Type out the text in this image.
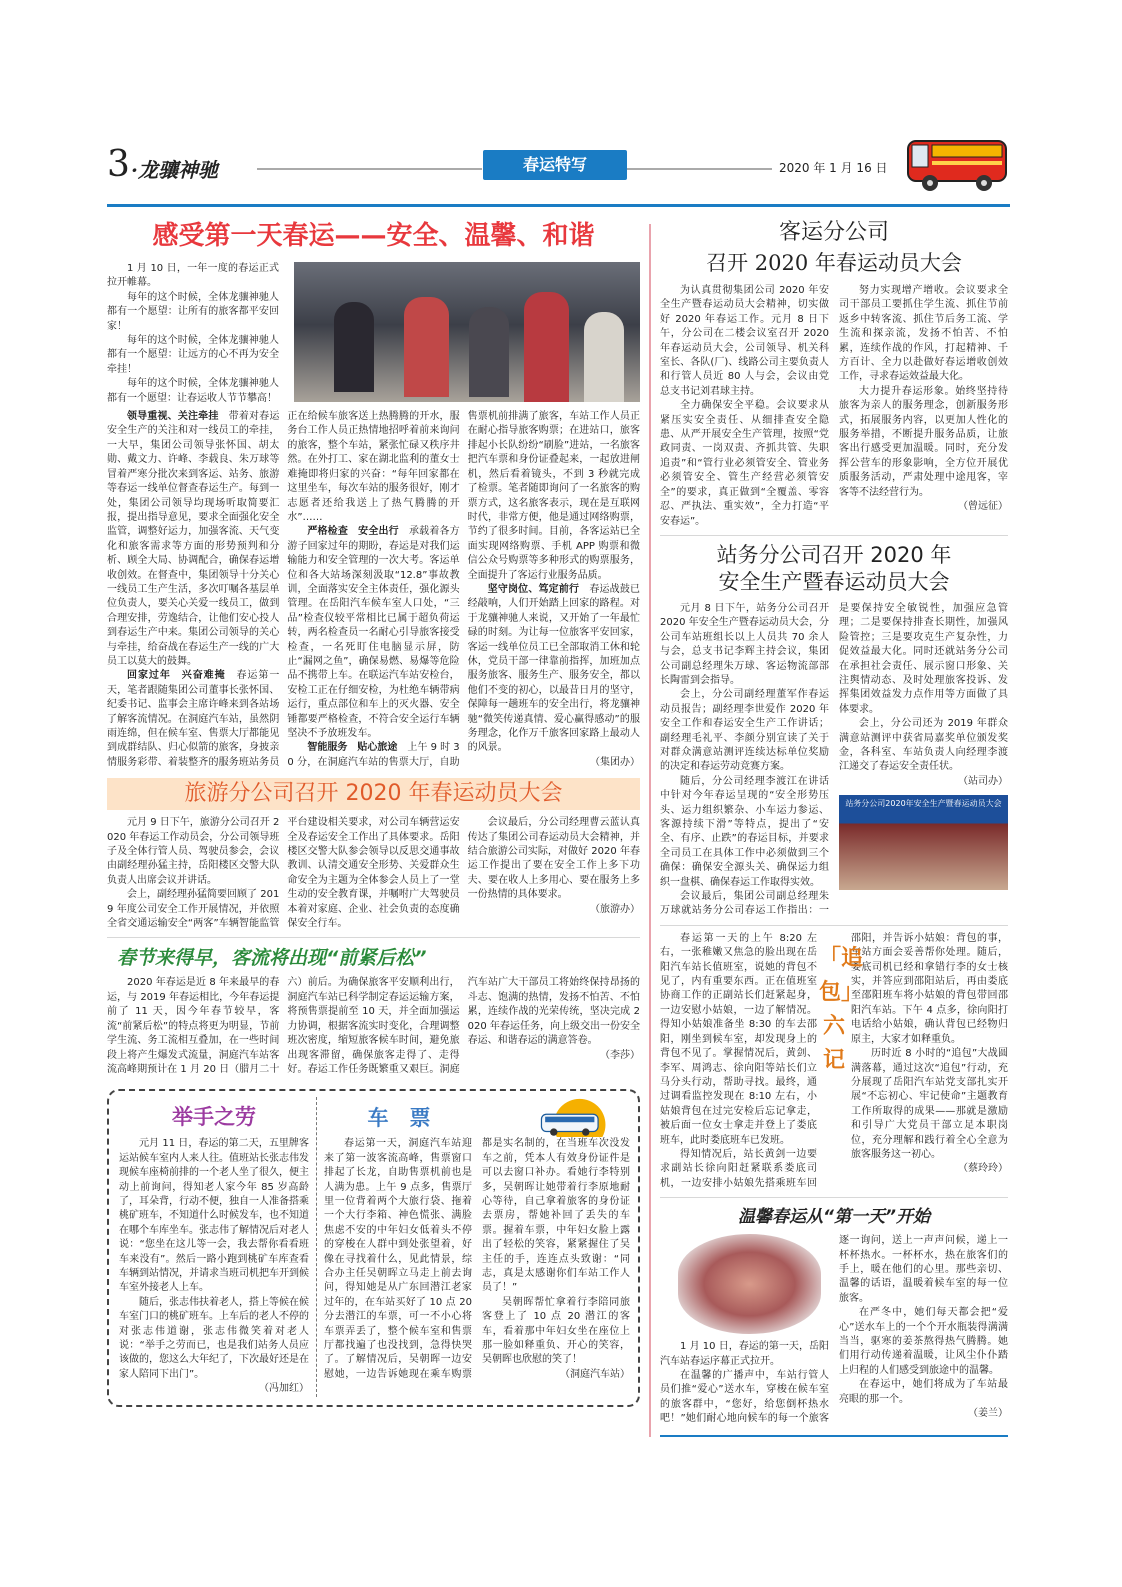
3 ·龙骧神驰	春运特写	2020 年 1 月 16 日
感受第一天春运——安全、温馨、和谐

1 月 10 日，一年一度的春运正式拉开帷幕。

每年的这个时候，全体龙骧神驰人都有一个愿望：让所有的旅客都平安回家！

每年的这个时候，全体龙骧神驰人都有一个愿望：让远方的心不再为安全牵挂！

每年的这个时候，全体龙骧神驰人都有一个愿望：让春运收人节节攀高！

领导重视、关注牵挂　带着对春运安全生产的关注和对一线员工的牵挂，一大早，集团公司领导张怀国、胡太勋、戴文力、许峰、李载良、朱万球等冒着严寒分批次来到客运、站务、旅游等春运一线单位督查春运生产。每到一处，集团公司领导均现场听取简要汇报，提出指导意见，要求全面强化安全监管，调整好运力，加强客流、天气变化和旅客需求等方面的形势预判和分析、顾全大局、协调配合，确保春运增收创效。在督查中，集团领导十分关心一线员工生产生活，多次叮嘱各基层单位负责人，要关心关爱一线员工，做到合理安排，劳逸结合，让他们安心投人到春运生产中来。集团公司领导的关心与牵挂，给奋战在春运生产一线的广大员工以莫大的鼓舞。

回家过年　兴奋难掩　春运第一天，笔者跟随集团公司董事长张怀国、纪委书记、监事会主席许峰来到各站场了解客流情况。在洞庭汽车站，虽然阴雨连绵，但在候车室、售票大厅都能见到成群结队、归心似箭的旅客，身披亲情服务彩带、着装整齐的服务班站务员正在给候车旅客送上热腾腾的开水，服务台工作人员正热情地招呼着前来询问的旅客，整个车站，紧张忙碌又秩序井然。在外打工、家在湖北监利的董女士难掩即将归家的兴奋：“每年回家都在这里坐车，每次车站的服务很好，刚才志愿者还给我送上了热气腾腾的开水”……

严格检查　安全出行　承载着各方游子回家过年的期盼，春运是对我们运输能力和安全管理的一次大考。客运单位和各大站场深刻汲取“12.8”事故教训，全面落实安全主体责任，强化源头管理。在岳阳汽车候车室人口处，“三品”检查仪较平常相比已属于超负荷运转，两名检查员一名耐心引导旅客接受检查，一名死盯住电脑显示屏，防止“漏网之鱼”，确保易燃、易爆等危险品不携带上车。在联运汽车站安检台，安检工正在仔细安检，为杜绝车辆带病运行，重点部位和车上的灭火器、安全锤都要严格检查，不符合安全运行车辆坚决不予放班发车。

智能服务　贴心旅途　上午 9 时 30 分，在洞庭汽车站的售票大厅，自助售票机前排满了旅客，车站工作人员正在耐心指导旅客购票；在进站口，旅客排起小长队纷纷“刷脸”进站，一名旅客把汽车票和身份证叠起来，一起放进闸机，然后看着镜头，不到 3 秒就完成了检票。笔者随即询问了一名旅客的购票方式，这名旅客表示，现在是互联网时代，非常方便，他是通过网络购票，节约了很多时间。目前，各客运站已全面实现网络购票、手机 APP 购票和微信公众号购票等多种形式的购票服务，全面提升了客运行业服务品质。

坚守岗位、笃定前行　春运战鼓已经敲响，人们开始踏上回家的路程。对于龙骧神驰人来说，又开始了一年最忙碌的时刻。为让每一位旅客平安回家，客运一线单位员工已全部取消工休和轮休，党员干部一律靠前指挥，加班加点服务旅客、服务生产、服务安全，都以他们不变的初心，以最昔日月的坚守，保障每一趟班车的安全出行，将龙骧神驰“微笑传递真情、爱心赢得感动”的服务理念，化作万千旅客回家路上最动人的风景。

（集团办）

旅游分公司召开 2020 年春运动员大会

元月 9 日下午，旅游分公司召开 2020 年春运工作动员会，分公司领导班子及全体行管人员、驾驶员参会，会议由副经理孙猛主持，岳阳楼区交警大队负责人出席会议并讲话。

会上，副经理孙猛简要回顾了 2019 年度公司安全工作开展情况，并依照全省交通运输安全“两客”车辆智能监管平台建设相关要求，对公司车辆营运安全及春运安全工作出了具体要求。岳阳楼区交警大队参会领导以反思交通事故教训、认清交通安全形势、关爱群众生命安全为主题为全体参会人员上了一堂生动的安全教育课，并嘱咐广大驾驶员本着对家庭、企业、社会负责的态度确保安全行车。

会议最后，分公司经理曹云蓝认真传达了集团公司春运动员大会精神，并结合旅游公司实际，对做好 2020 年春运工作提出了要在安全工作上多下功夫、要在收人上多用心、要在服务上多一份热情的具体要求。

（旅游办）

春节来得早，客流将出现“前紧后松”

2020 年春运是近 8 年来最早的春运，与 2019 年春运相比，今年春运提前了 11 天，因今年春节较早，客流“前紧后松”的特点将更为明显，节前学生流、务工流相互叠加，在一些时间段上将产生爆发式流量，洞庭汽车站客流高峰期预计在 1 月 20 日（腊月二十六）前后。为确保旅客平安顺利出行，洞庭汽车站已科学制定春运运输方案，将预售票提前至 10 天，并全面加强运力协调，根据客流实时变化，合理调整班次密度，缩短旅客候车时间，避免旅出现客滞留，确保旅客走得了、走得好。春运工作任务既繁重又艰巨。洞庭汽车站广大干部员工将始终保持昂扬的斗志、饱满的热情，发扬不怕苦、不怕累，连续作战的光荣传统，坚决完成 2020 年春运任务，向上级交出一份安全春运、和谐春运的满意答卷。

（李莎）

举手之劳

元月 11 日，春运的第二天，五里牌客运站候车室内人来人往。值班站长张志伟发现候车座椅前排的一个老人坐了很久，便主动上前询问，得知老人家今年 85 岁高龄了，耳朵背，行动不便，独自一人准备搭乘桃矿班车，不知道什么时候发车，也不知道在哪个车库坐车。张志伟了解情况后对老人说：“您坐在这儿等一会，我去帮你看看班车来没有”。然后一路小跑到桃矿车库查看车辆到站情况，并请求当班司机把车开到候车室外接老人上车。

随后，张志伟扶着老人，搭上等候在候车室门口的桃矿班车。上车后的老人不停的对张志伟道谢，张志伟微笑着对老人说：“举手之劳而已，也是我们站务人员应该做的，您这么大年纪了，下次最好还是在家人陪同下出门”。

（冯加红）

车　票

春运第一天，洞庭汽车站迎来了第一波客流高峰，售票窗口排起了长龙，自助售票机前也是人满为患。上午 9 点多，售票厅里一位背着两个大旅行袋、拖着一个大行李箱、神色慌张、满脸焦虑不安的中年妇女低着头不停的穿梭在人群中到处张望着，好像在寻找着什么，见此情景，综合办主任吴朝晖立马走上前去询问，得知她是从广东回潜江老家过年的，在车站买好了 10 点 20 分去潜江的车票，可一不小心将车票弄丢了，整个候车室和售票厅都找遍了也没找到，急得快哭了。了解情况后，吴朝晖一边安慰她，一边告诉她现在乘车购票都是实名制的，在当班车次没发车之前，凭本人有效身份证件是可以去窗口补办。看她行李特别多，吴朝晖让她带着行李原地耐心等待，自己拿着旅客的身份证去票房，帮她补回了丢失的车票。握着车票，中年妇女脸上露出了轻松的笑容，紧紧握住了吴主任的手，连连点头致谢：“同志，真是太感谢你们车站工作人员了！”

吴朝晖帮忙拿着行李陪同旅客登上了 10 点 20 潜江的客车，看着那中年妇女坐在座位上那一脸如释重负、开心的笑容，吴朝晖也欣慰的笑了！

（洞庭汽车站）

客运分公司
召开 2020 年春运动员大会

为认真贯彻集团公司 2020 年安全生产暨春运动员大会精神，切实做好 2020 年春运工作。元月 8 日下午，分公司在二楼会议室召开 2020 年春运动员大会，公司领导、机关科室长、各队(厂)、线路公司主要负责人和行管人员近 80 人与会，会议由党总支书记刘君球主持。

全力确保安全平稳。会议要求从紧压实安全责任、从细排查安全隐患、从严开展安全生产管理，按照“党政同责、一岗双责、齐抓共管、失职追责”和“管行业必须管安全、管业务必须管安全、管生产经营必须管安全”的要求，真正做到“全覆盖、零容忍、严执法、重实效”，全力打造“平安春运”。

努力实现增产增收。会议要求全司干部员工要抓住学生流、抓住节前返乡中转客流、抓住节后务工流、学生流和探亲流，发扬不怕苦、不怕累，连续作战的作风，打起精神、千方百计、全力以赴做好春运增收创效工作，寻求春运效益最大化。

大力提升春运形象。始终坚持待旅客为亲人的服务理念，创新服务形式，拓展服务内容，以更加人性化的服务举措，不断提升服务品质，让旅客出行感受更加温暖。同时，充分发挥公营车的形象影响，全方位开展优质服务活动，严肃处理中途甩客，宰客等不法经营行为。

（曾远征）

站务分公司召开 2020 年
安全生产暨春运动员大会

元月 8 日下午，站务分公司召开 2020 年安全生产暨春运动员大会，分公司车站班组长以上人员共 70 余人与会，总支书记李辉主持会议，集团公司副总经理朱万球、客运物流部部长陶雷到会指导。

会上，分公司副经理董军作春运动员报告；副经理李世爱作 2020 年安全工作和春运安全生产工作讲话；副经理毛礼平、李颜分别宣读了关于对群众满意站测评连续达标单位奖励的决定和春运劳动竞赛方案。

随后，分公司经理李渡江在讲话中针对今年春运呈现的“安全形势压头、运力组织繁杂、小车运力参运、客源持续下滑”等特点，提出了“安全、有序、止跌”的春运目标，并要求全司员工在具体工作中必须做到三个确保：确保安全源头关、确保运力组织一盘棋、确保春运工作取得实效。

会议最后，集团公司副总经理朱万球就站务分公司春运工作指出：一是要保持安全敏锐性，加强应急管理；二是要保持排查长期性，加强风险管控；三是要攻克生产复杂性，力促效益最大化。同时还就站务分公司在承担社会责任、展示窗口形象、关注舆情动态、及时处理旅客投诉、发挥集团效益发力点作用等方面做了具体要求。

会上，分公司还为 2019 年群众满意站测评中获省局嘉奖单位颁发奖金，各科室、车站负责人向经理李渡江递交了春运安全责任状。

（站司办）

站务分公司2020年安全生产暨春运动员大会

春运第一天的上午 8:20 左右，一张稚嫩又焦急的脸出现在岳阳汽车站长值班室，说她的背包不见了，内有重要东西。正在值班室协商工作的正副站长们赶紧起身，一边安慰小姑娘，一边了解情况。得知小姑娘准备坐 8:30 的车去邵阳，刚坐到候车室，却发现身上的背包不见了。掌握情况后，黄剑、李军、周鸿志、徐向阳等站长们立马分头行动，帮助寻找。最终，通过调看监控发现在 8:10 左右，小姑娘背包在过完安检后忘记拿走，被后面一位女士拿走并登上了娄底班车，此时娄底班车已发班。

得知情况后，站长黄剑一边要求副站长徐向阳赶紧联系娄底司机，一边安排小姑娘先搭乘班车回邵阳，并告诉小姑娘：背包的事，车站方面会妥善帮你处理。随后，娄底司机已经和拿错行李的女士核实，并答应到邵阳站后，再由娄底至邵阳班车将小姑娘的背包带回邵阳汽车站。下午 4 点多，徐向阳打电话给小姑娘，确认背包已经物归原主，大家才如释重负。

历时近 8 小时的“追包”大战圆满落幕，通过这次“追包”行动，充分展现了岳阳汽车站党支部扎实开展“不忘初心、牢记使命”主题教育工作所取得的成果——那就是激励和引导广大党员干部立足本职岗位，充分理解和践行着全心全意为旅客服务这一初心。

（蔡玲玲）

「追包」六记
温馨春运从“第一天”开始

1 月 10 日，春运的第一天，岳阳汽车站春运序幕正式拉开。

在温馨的广播声中，车站行管人员们推“爱心”送水车，穿梭在候车室的旅客群中，“您好，给您倒杯热水吧！”她们耐心地向候车的每一个旅客逐一询问，送上一声声问候，递上一杯杯热水。一杯杯水，热在旅客们的手上，暖在他们的心里。那些亲切、温馨的话语，温暖着候车室的每一位旅客。

在严冬中，她们每天都会把“爱心”送水车上的一个个开水瓶装得满满当当，驱寒的姜茶熬得热气腾腾。她们用行动传递着温暖，让风尘仆仆踏上归程的人们感受到旅途中的温馨。

在春运中，她们将成为了车站最亮眼的那一个。

（姜兰）
